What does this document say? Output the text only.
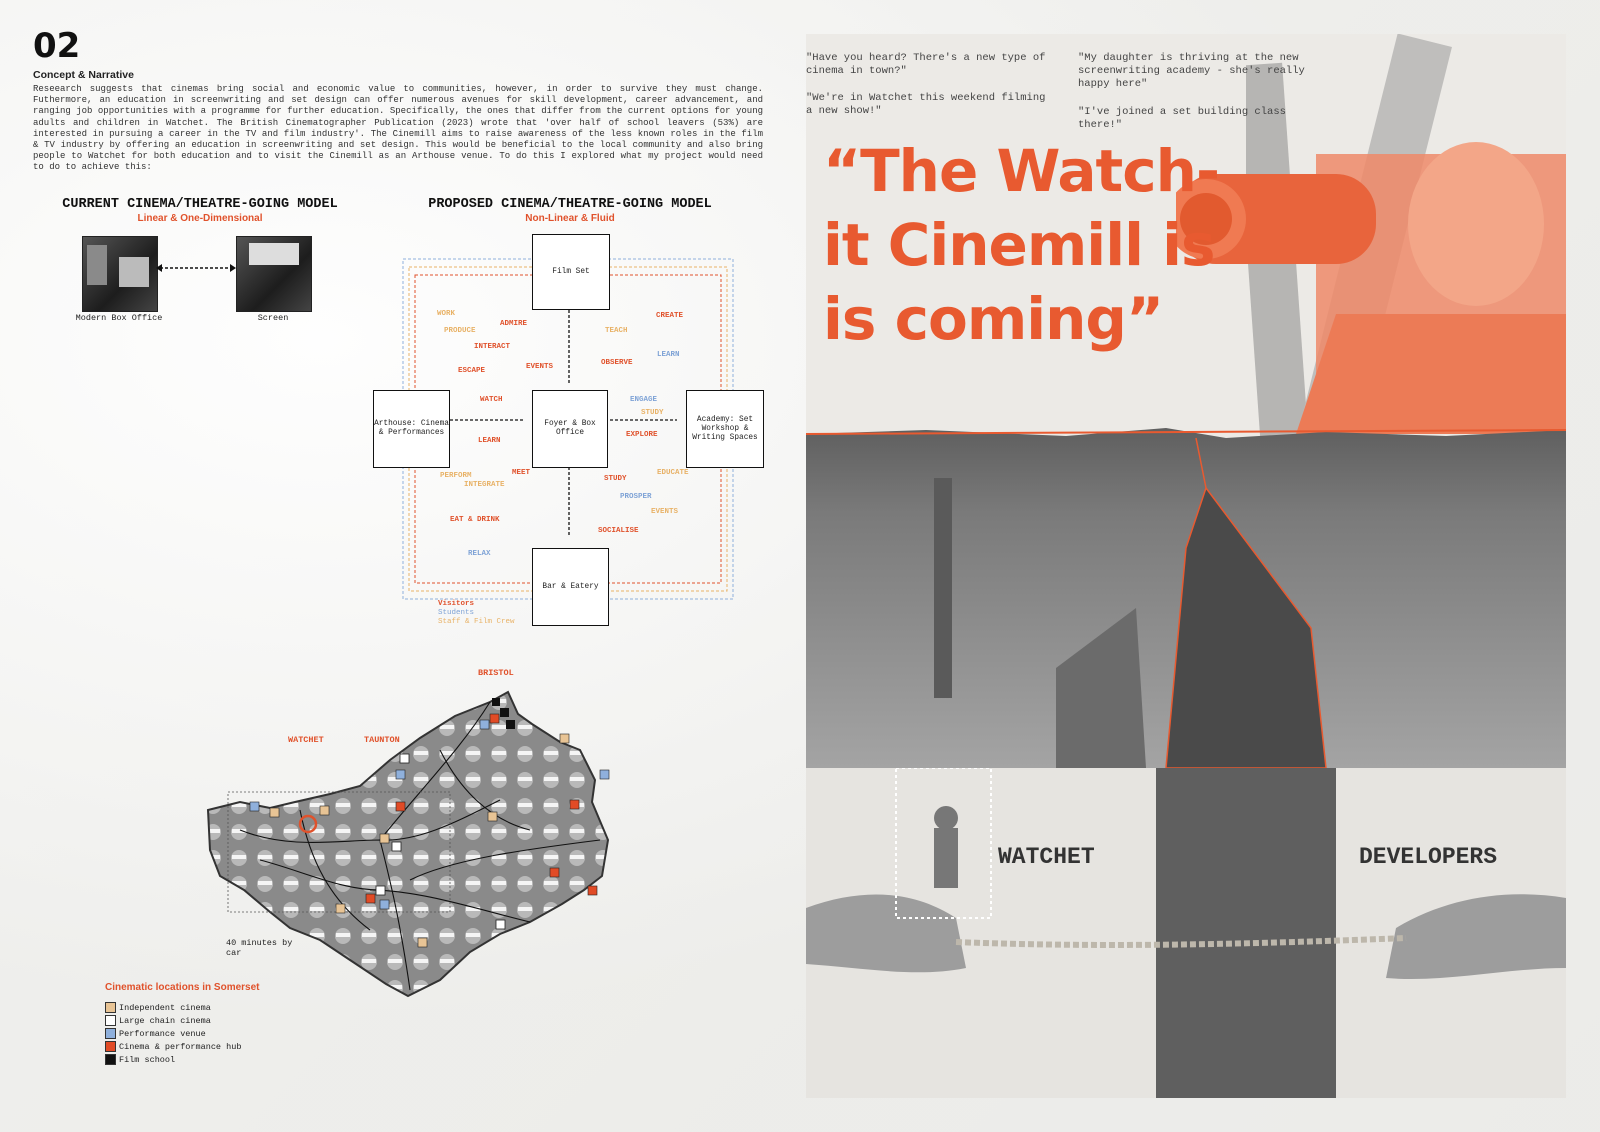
02
Concept & Narrative
Reseearch suggests that cinemas bring social and economic value to communities, however, in order to survive they must change. Futhermore, an education in screenwriting and set design can offer numerous avenues for skill development, career advancement, and ranging job opportunities with a programme for further education. Specifically, the ones that differ from the current options for young adults and children in Watchet. The British Cinematographer Publication (2023) wrote that 'over half of school leavers (53%) are interested in pursuing a career in the TV and film industry'. The Cinemill aims to raise awareness of the less known roles in the film & TV industry by offering an education in screenwriting and set design. This would be beneficial to the local community and also bring people to Watchet for both education and to visit the Cinemill as an Arthouse venue. To do this I explored what my project would need to do to achieve this:
CURRENT CINEMA/THEATRE-GOING MODEL
Linear & One-Dimensional
Modern Box Office	Screen
PROPOSED CINEMA/THEATRE-GOING MODEL
Non-Linear & Fluid
Film Set
Arthouse: Cinema & Performances
Foyer & Box Office
Academy: Set Workshop & Writing Spaces
Bar & Eatery
WORK
ADMIRE
PRODUCE
INTERACT
ESCAPE	EVENTS
WATCH
LEARN
CREATE
TEACH
LEARN
OBSERVE
ENGAGE
STUDY
EXPLORE
PERFORM
INTEGRATE
MEET
EAT & DRINK
RELAX
STUDY
EDUCATE
PROSPER
EVENTS
SOCIALISE
Visitors
Students
Staff & Film Crew
BRISTOL
WATCHET	TAUNTON
40 minutes by car
Cinematic locations in Somerset
Independent cinema
Large chain cinema
Performance venue
Cinema & performance hub
Film school
"Have you heard? There's a new type of cinema in town?"
"We're in Watchet this weekend filming a new show!"
"My daughter is thriving at the new screenwriting academy - she's really happy here"
"I've joined a set building class there!"
“The Watch-it Cinemill is is coming”
WATCHET	DEVELOPERS
